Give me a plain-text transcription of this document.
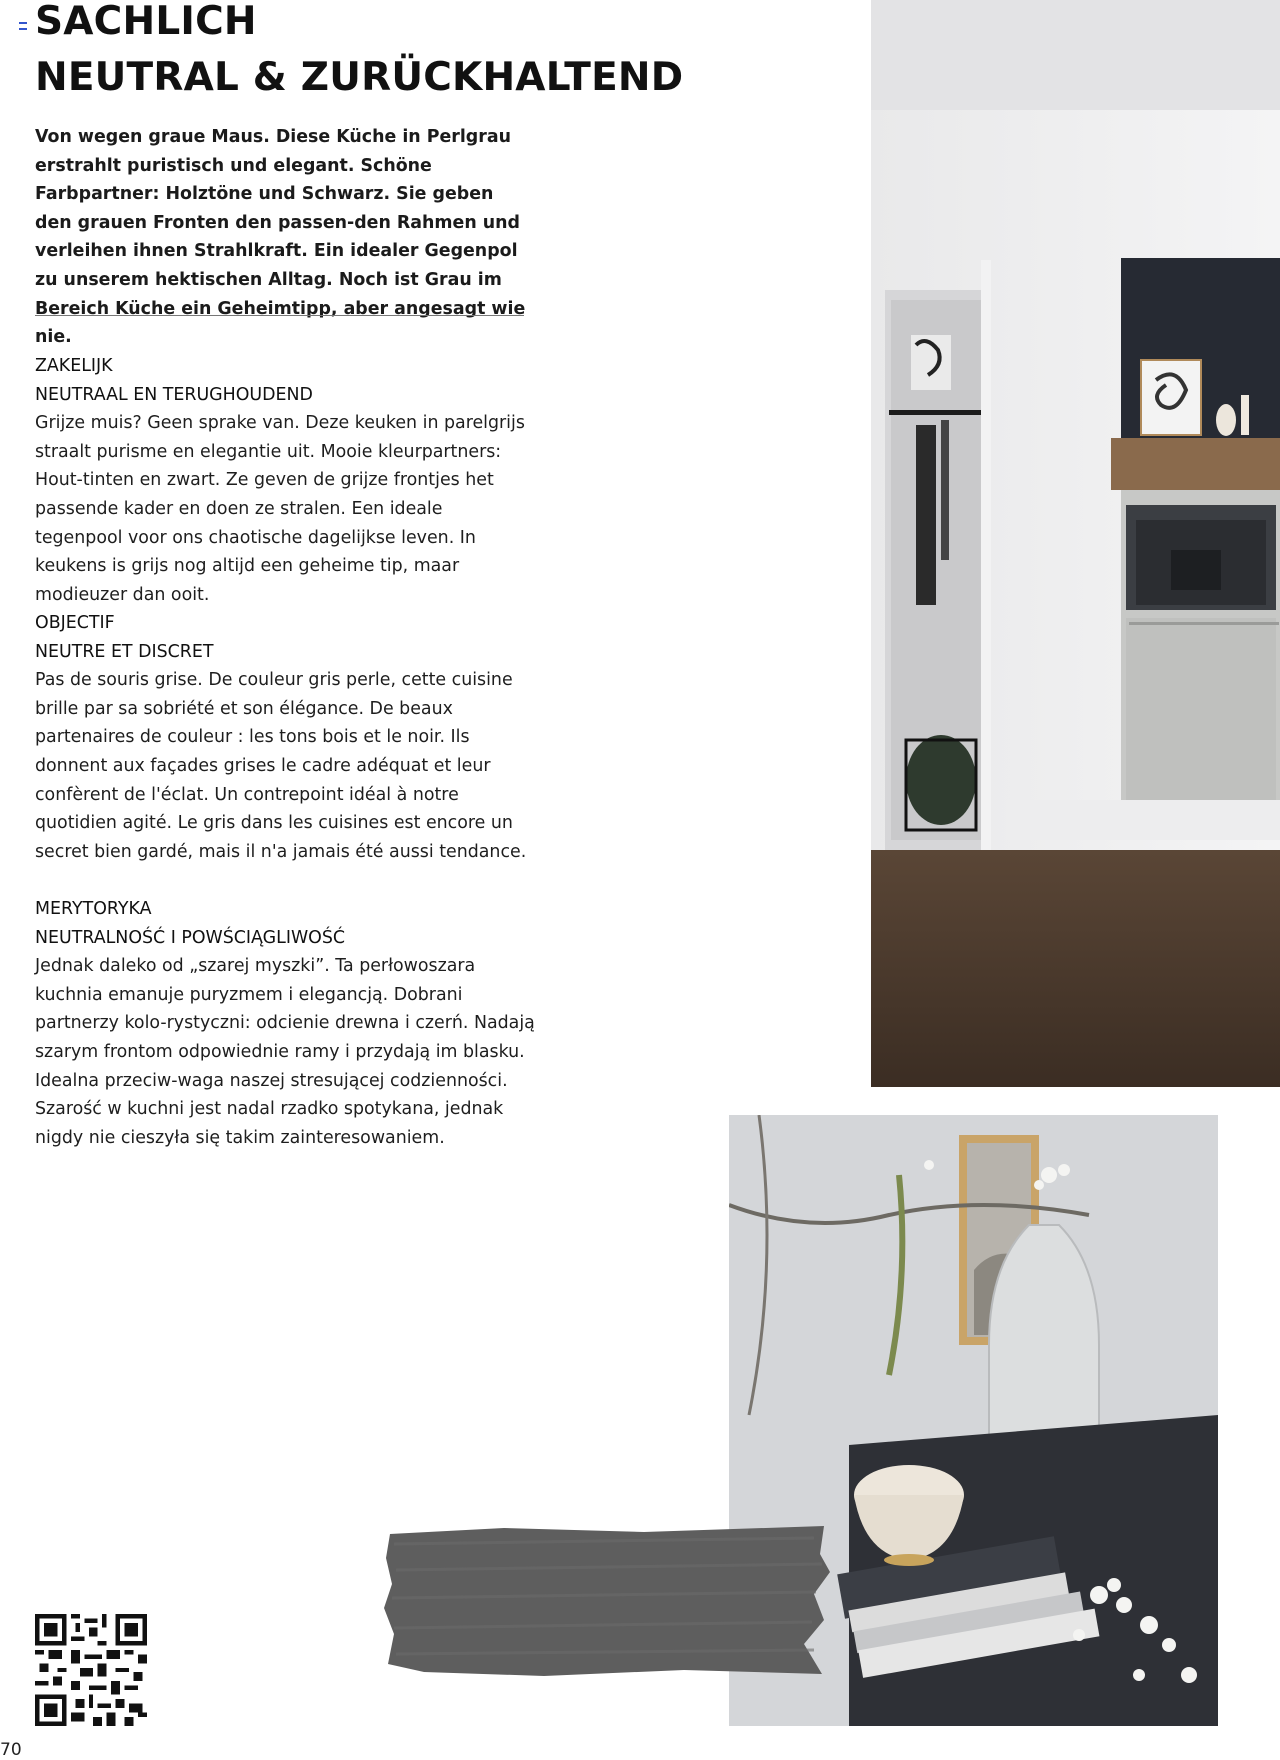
SACHLICH
NEUTRAL & ZURÜCKHALTEND

Von wegen graue Maus. Diese Küche in Perlgrau erstrahlt puristisch und elegant. Schöne Farbpartner: Holztöne und Schwarz. Sie geben den grauen Fronten den passen-den Rahmen und verleihen ihnen Strahlkraft. Ein idealer Gegenpol zu unserem hektischen Alltag. Noch ist Grau im Bereich Küche ein Geheimtipp, aber angesagt wie nie.

ZAKELIJK
NEUTRAAL EN TERUGHOUDEND

Grijze muis? Geen sprake van. Deze keuken in parelgrijs straalt purisme en elegantie uit. Mooie kleurpartners: Hout-tinten en zwart. Ze geven de grijze frontjes het passende kader en doen ze stralen. Een ideale tegenpool voor ons chaotische dagelijkse leven. In keukens is grijs nog altijd een geheime tip, maar modieuzer dan ooit.

OBJECTIF
NEUTRE ET DISCRET

Pas de souris grise. De couleur gris perle, cette cuisine brille par sa sobriété et son élégance. De beaux partenaires de couleur : les tons bois et le noir. Ils donnent aux façades grises le cadre adéquat et leur confèrent de l'éclat. Un contrepoint idéal à notre quotidien agité. Le gris dans les cuisines est encore un secret bien gardé, mais il n'a jamais été aussi tendance.

MERYTORYKA
NEUTRALNOŚĆ I POWŚCIĄGLIWOŚĆ

Jednak daleko od „szarej myszki”. Ta perłowoszara kuchnia emanuje puryzmem i elegancją. Dobrani partnerzy kolo-rystyczni: odcienie drewna i czerń. Nadają szarym frontom odpowiednie ramy i przydają im blasku. Idealna przeciw-waga naszej stresującej codzienności. Szarość w kuchni jest nadal rzadko spotykana, jednak nigdy nie cieszyła się takim zainteresowaniem.

70
